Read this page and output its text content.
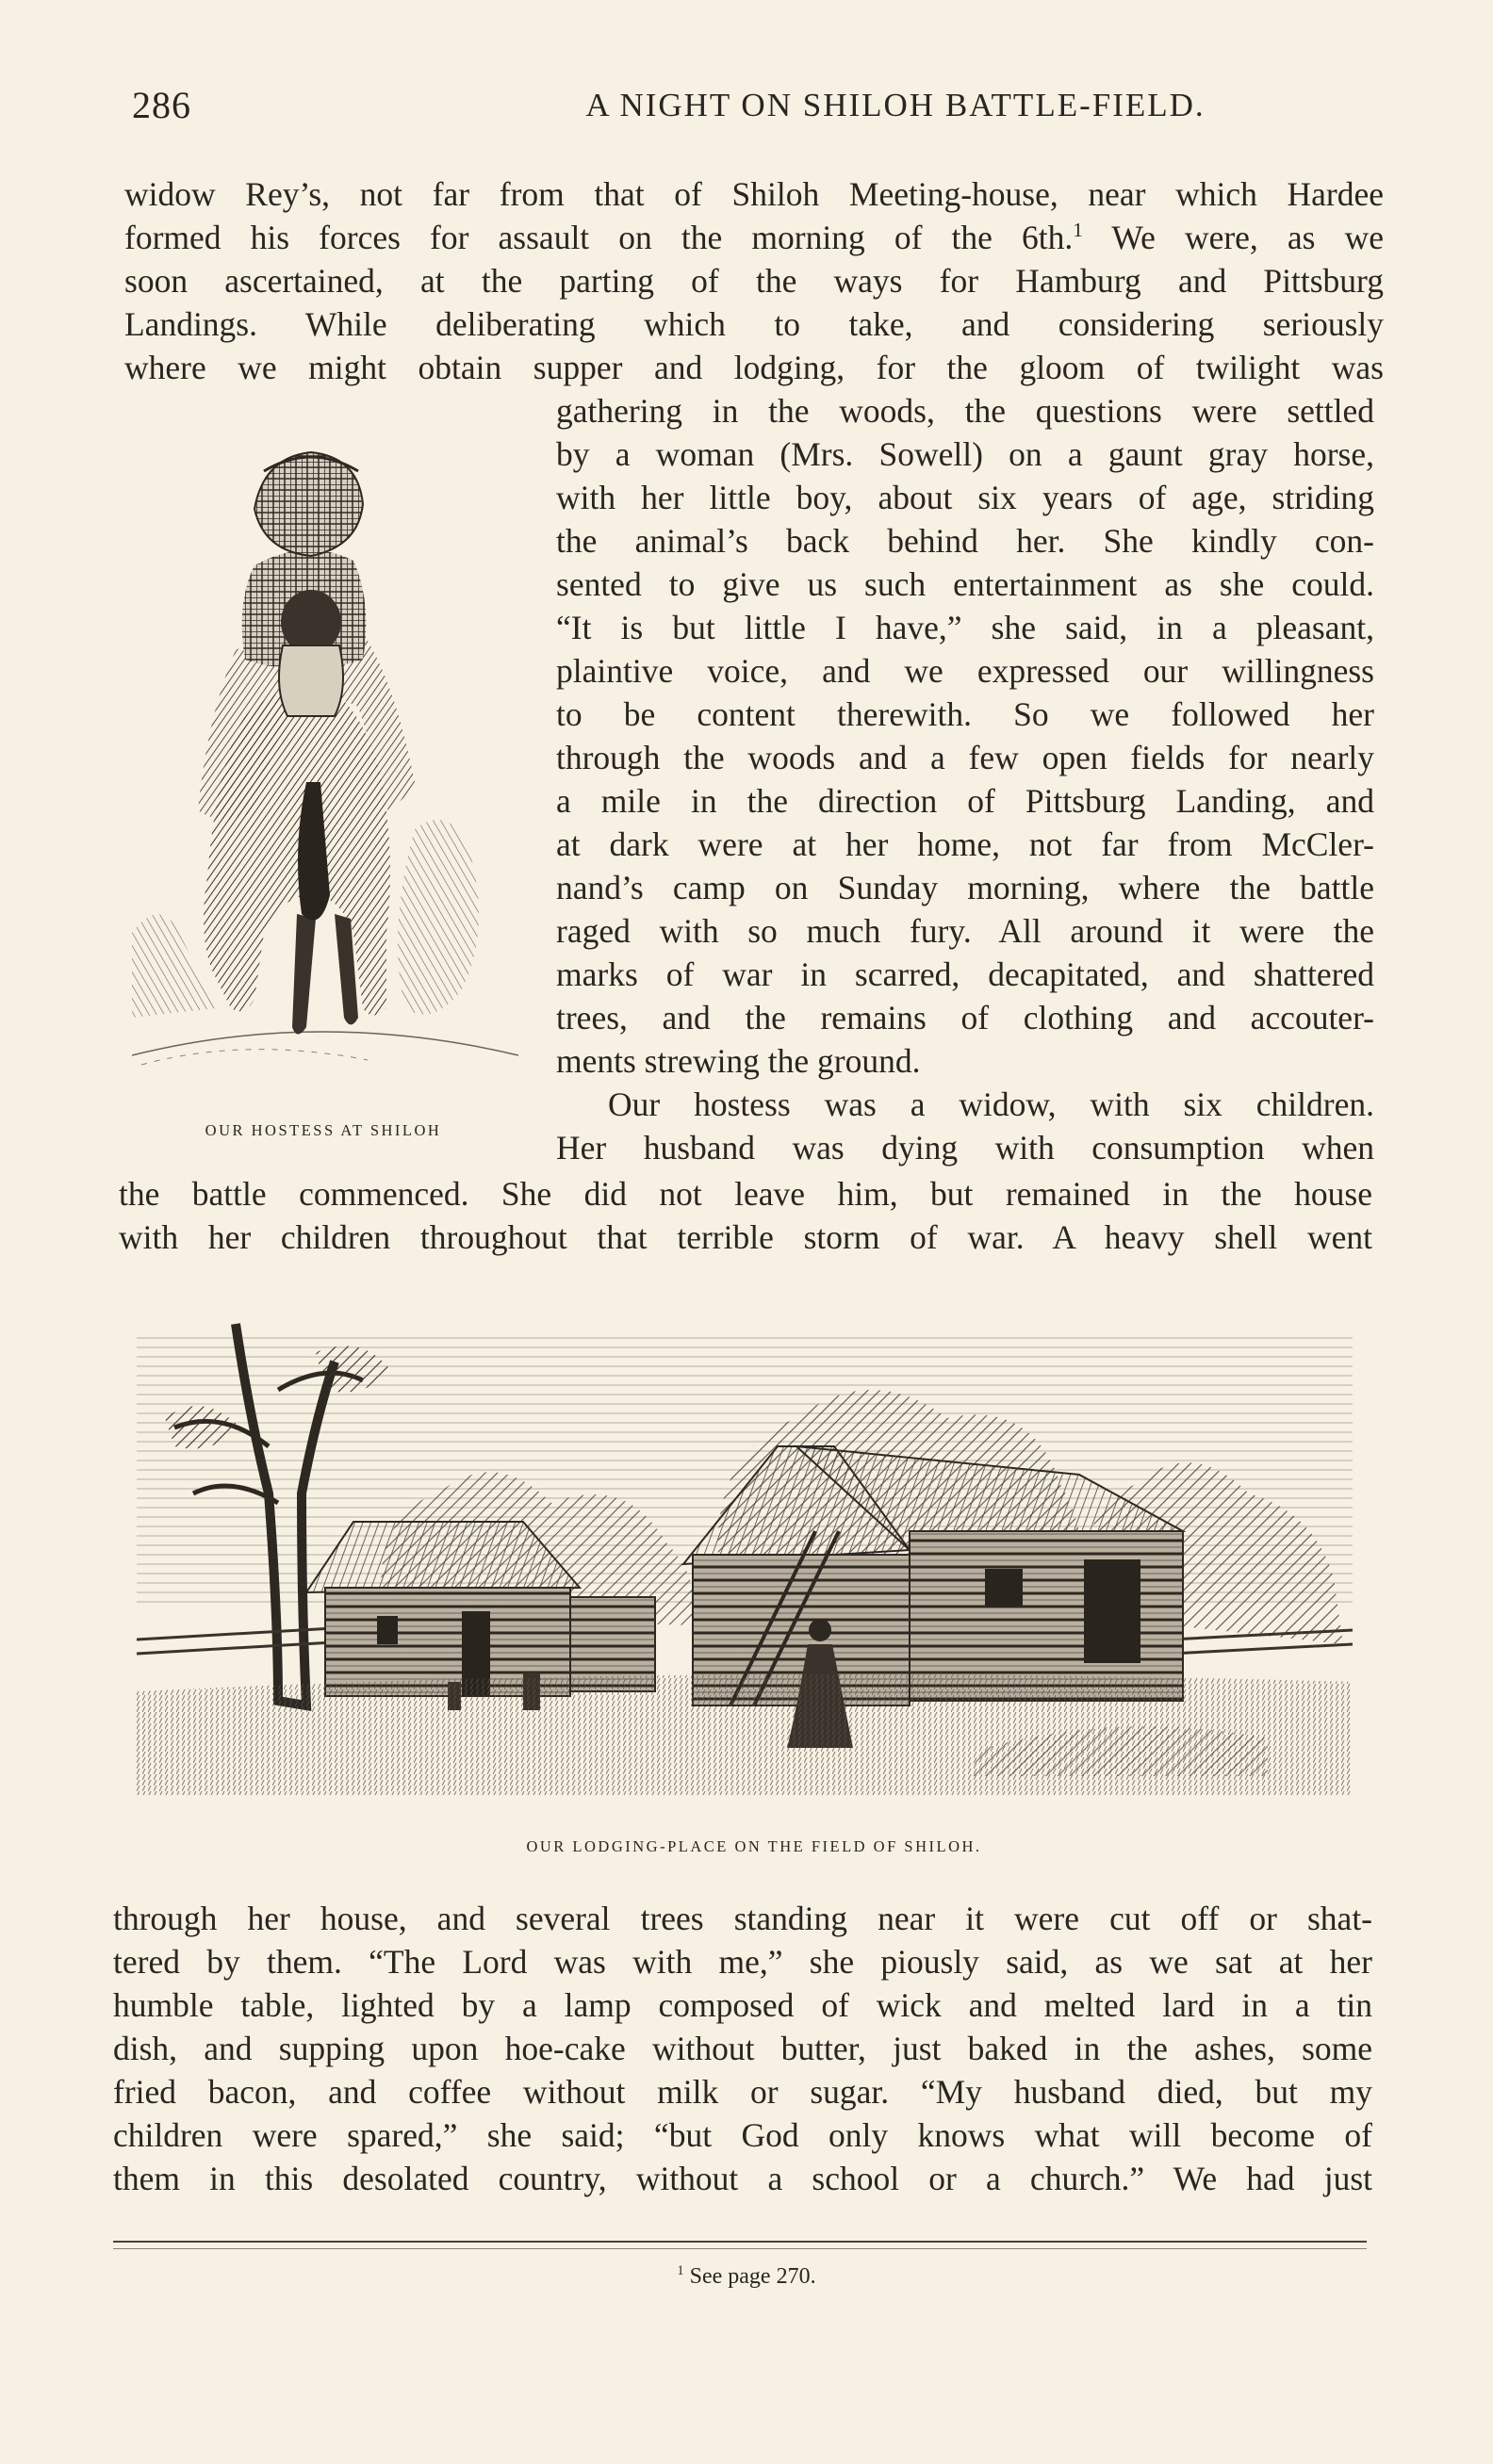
286	A NIGHT ON SHILOH BATTLE-FIELD.
widow Rey’s, not far from that of Shiloh Meeting-house, near which Hardee
formed his forces for assault on the morning of the 6th.$^1$ We were, as we
soon ascertained, at the parting of the ways for Hamburg and Pittsburg
Landings. While deliberating which to take, and considering seriously
where we might obtain supper and lodging, for the gloom of twilight was
OUR HOSTESS AT SHILOH
gathering in the woods, the questions were settled
by a woman (Mrs. Sowell) on a gaunt gray horse,
with her little boy, about six years of age, striding
the animal’s back behind her. She kindly con-
sented to give us such entertainment as she could.
“It is but little I have,” she said, in a pleasant,
plaintive voice, and we expressed our willingness
to be content therewith. So we followed her
through the woods and a few open fields for nearly
a mile in the direction of Pittsburg Landing, and
at dark were at her home, not far from McCler-
nand’s camp on Sunday morning, where the battle
raged with so much fury. All around it were the
marks of war in scarred, decapitated, and shattered
trees, and the remains of clothing and accouter-
ments strewing the ground.
Our hostess was a widow, with six children.
Her husband was dying with consumption when
the battle commenced. She did not leave him, but remained in the house
with her children throughout that terrible storm of war. A heavy shell went
OUR LODGING-PLACE ON THE FIELD OF SHILOH.
through her house, and several trees standing near it were cut off or shat-
tered by them. “The Lord was with me,” she piously said, as we sat at her
humble table, lighted by a lamp composed of wick and melted lard in a tin
dish, and supping upon hoe-cake without butter, just baked in the ashes, some
fried bacon, and coffee without milk or sugar. “My husband died, but my
children were spared,” she said; “but God only knows what will become of
them in this desolated country, without a school or a church.” We had just
$^1$ See page 270.
